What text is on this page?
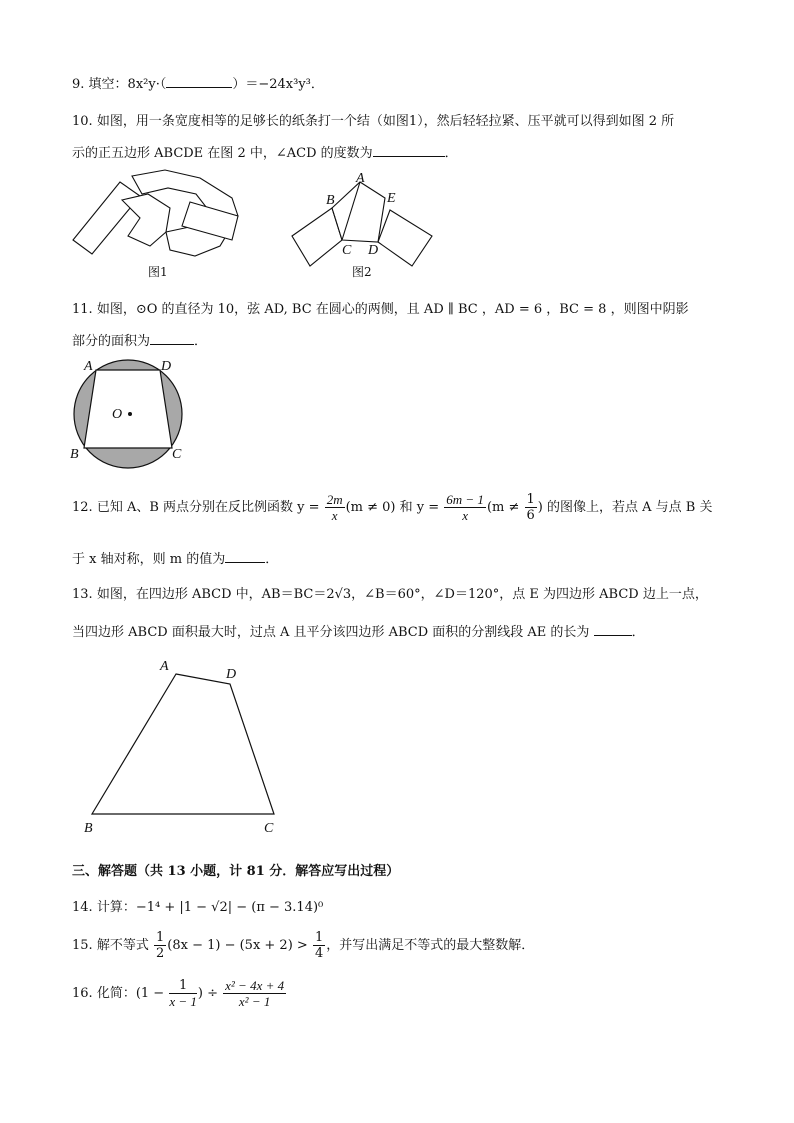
9. 填空：8x²y·（	）＝−24x³y³．
10. 如图，用一条宽度相等的足够长的纸条打一个结（如图1），然后轻轻拉紧、压平就可以得到如图 2 所
示的正五边形 ABCDE 在图 2 中，∠ACD 的度数为	．
图1
A
B
C D
E
图2
11. 如图，⊙O 的直径为 10，弦 AD, BC 在圆心的两侧，且 AD ∥ BC ，AD = 6 ，BC = 8 ，则图中阴影
部分的面积为	．
A	D
O
B	C
12. 已知 A、B 两点分别在反比例函数 $y = \frac{2m}{x} (m \ne 0)$ 和 $y = \frac{6m - 1}{x} (m \ne \frac{1}{6}$ ) 的图像上，若点 A 与点 B 关
于 x 轴对称，则 m 的值为	．
13. 如图，在四边形 ABCD 中，AB＝BC＝2√3，∠B＝60°，∠D＝120°，点 E 为四边形 ABCD 边上一点，
当四边形 ABCD 面积最大时，过点 A 且平分该四边形 ABCD 面积的分割线段 AE 的长为	．
A
D
B	C
三、解答题（共 13 小题，计 81 分．解答应写出过程）
14. 计算：−1⁴ + |1 − √2| − (π − 3.14)⁰
15. 解不等式 $\frac{1}{2} (8x - 1) - (5x + 2) > \frac{1}{4}$ ，并写出满足不等式的最大整数解．
16. 化简：($1 - \frac{1}{x - 1}$ ) ÷ $\frac{\text{x² − 4x + 4}}{\text{x² − 1}}$
